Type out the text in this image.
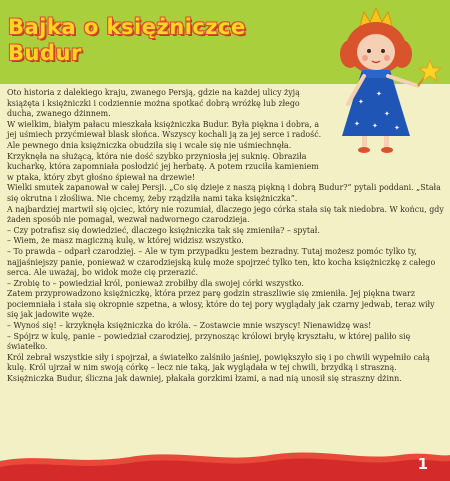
Bajka o księżniczce
Budur
✦
✦
✦
✦ ✦ ✦

Oto historia z dalekiego kraju, zwanego Persją, gdzie na każdej ulicy żyją książęta i księżniczki i codziennie można spotkać dobrą wróżkę lub złego ducha, zwanego dżinnem.

W wielkim, białym pałacu mieszkała księżniczka Budur. Była piękna i dobra, a jej uśmiech przyćmiewał blask słońca. Wszyscy kochali ją za jej serce i radość.

Ale pewnego dnia księżniczka obudziła się i wcale się nie uśmiechnęła. Krzyknęła na służącą, która nie dość szybko przyniosła jej suknię. Obraziła kucharkę, która zapomniała posłodzić jej herbatę. A potem rzuciła kamieniem w ptaka, który zbyt głośno śpiewał na drzewie!

Wielki smutek zapanował w całej Persji. „Co się dzieje z naszą piękną i dobrą Budur?” pytali poddani. „Stała się okrutna i złośliwa. Nie chcemy, żeby rządziła nami taka księżniczka”.

A najbardziej martwił się ojciec, który nie rozumiał, dlaczego jego córka stała się tak niedobra. W końcu, gdy żaden sposób nie pomagał, wezwał nadwornego czarodzieja.

– Czy potrafisz się dowiedzieć, dlaczego księżniczka tak się zmieniła? – spytał.

– Wiem, że masz magiczną kulę, w której widzisz wszystko.

– To prawda – odparł czarodziej. – Ale w tym przypadku jestem bezradny. Tutaj możesz pomóc tylko ty, najjaśniejszy panie, ponieważ w czarodziejską kulę może spojrzeć tylko ten, kto kocha księżniczkę z całego serca. Ale uważaj, bo widok może cię przerazić.

– Zrobię to – powiedział król, ponieważ zrobiłby dla swojej córki wszystko.

Zatem przyprowadzono księżniczkę, która przez parę godzin straszliwie się zmieniła. Jej piękna twarz pociemniała i stała się okropnie szpetna, a włosy, które do tej pory wyglądały jak czarny jedwab, teraz wiły się jak jadowite węże.

– Wynoś się! – krzyknęła księżniczka do króla. – Zostawcie mnie wszyscy! Nienawidzę was!

– Spójrz w kulę, panie – powiedział czarodziej, przynosząc królowi bryłę kryształu, w której paliło się światełko.

Król zebrał wszystkie siły i spojrzał, a światełko zalśniło jaśniej, powiększyło się i po chwili wypełniło całą kulę. Król ujrzał w nim swoją córkę – lecz nie taką, jak wyglądała w tej chwili, brzydką i straszną. Księżniczka Budur, śliczna jak dawniej, płakała gorzkimi łzami, a nad nią unosił się straszny dżinn.

1
